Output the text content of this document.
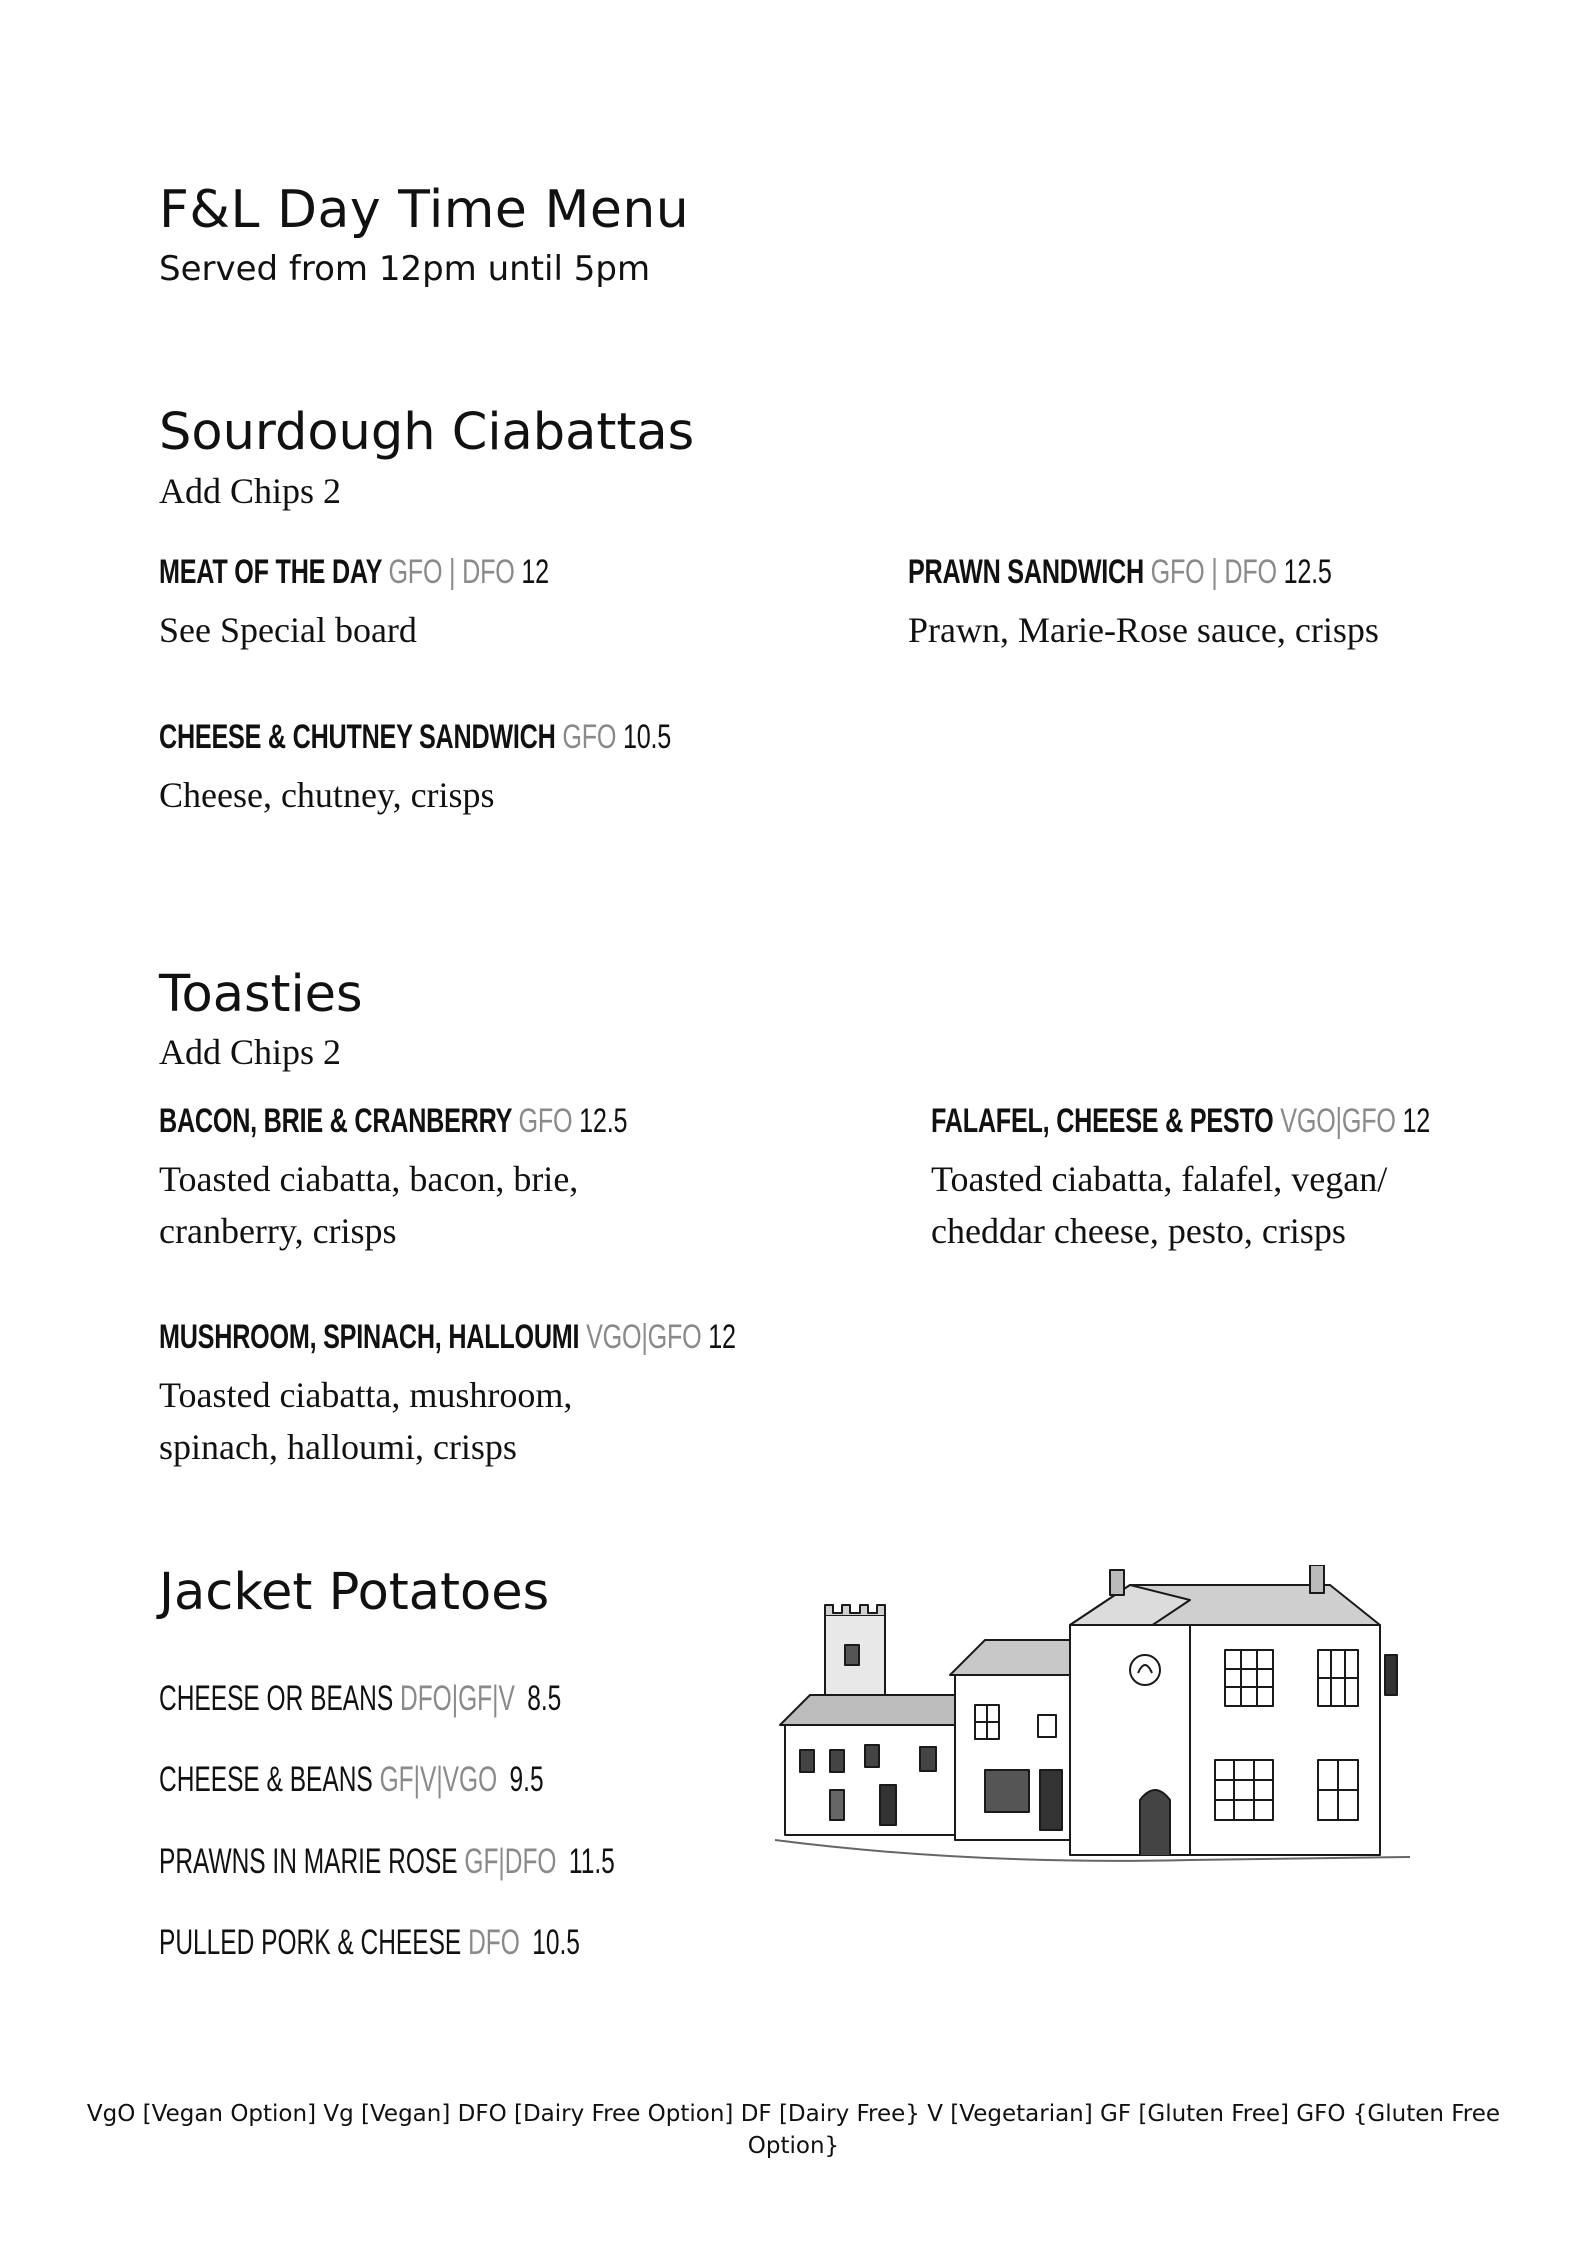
F&L Day Time Menu
Served from 12pm until 5pm
Sourdough Ciabattas
Add Chips 2
MEAT OF THE DAY GFO | DFO 12
See Special board
PRAWN SANDWICH GFO | DFO 12.5
Prawn, Marie-Rose sauce, crisps
CHEESE & CHUTNEY SANDWICH GFO 10.5
Cheese, chutney, crisps
Toasties
Add Chips 2
BACON, BRIE & CRANBERRY GFO 12.5
Toasted ciabatta, bacon, brie, cranberry, crisps
FALAFEL, CHEESE & PESTO VGO|GFO 12
Toasted ciabatta, falafel, vegan/ cheddar cheese, pesto, crisps
MUSHROOM, SPINACH, HALLOUMI VGO|GFO 12
Toasted ciabatta, mushroom, spinach, halloumi, crisps
Jacket Potatoes
CHEESE OR BEANS DFO|GF|V 8.5
CHEESE & BEANS GF|V|VGO 9.5
PRAWNS IN MARIE ROSE GF|DFO 11.5
PULLED PORK & CHEESE DFO 10.5
VgO [Vegan Option] Vg [Vegan] DFO [Dairy Free Option] DF [Dairy Free} V [Vegetarian] GF [Gluten Free] GFO {Gluten Free Option}
